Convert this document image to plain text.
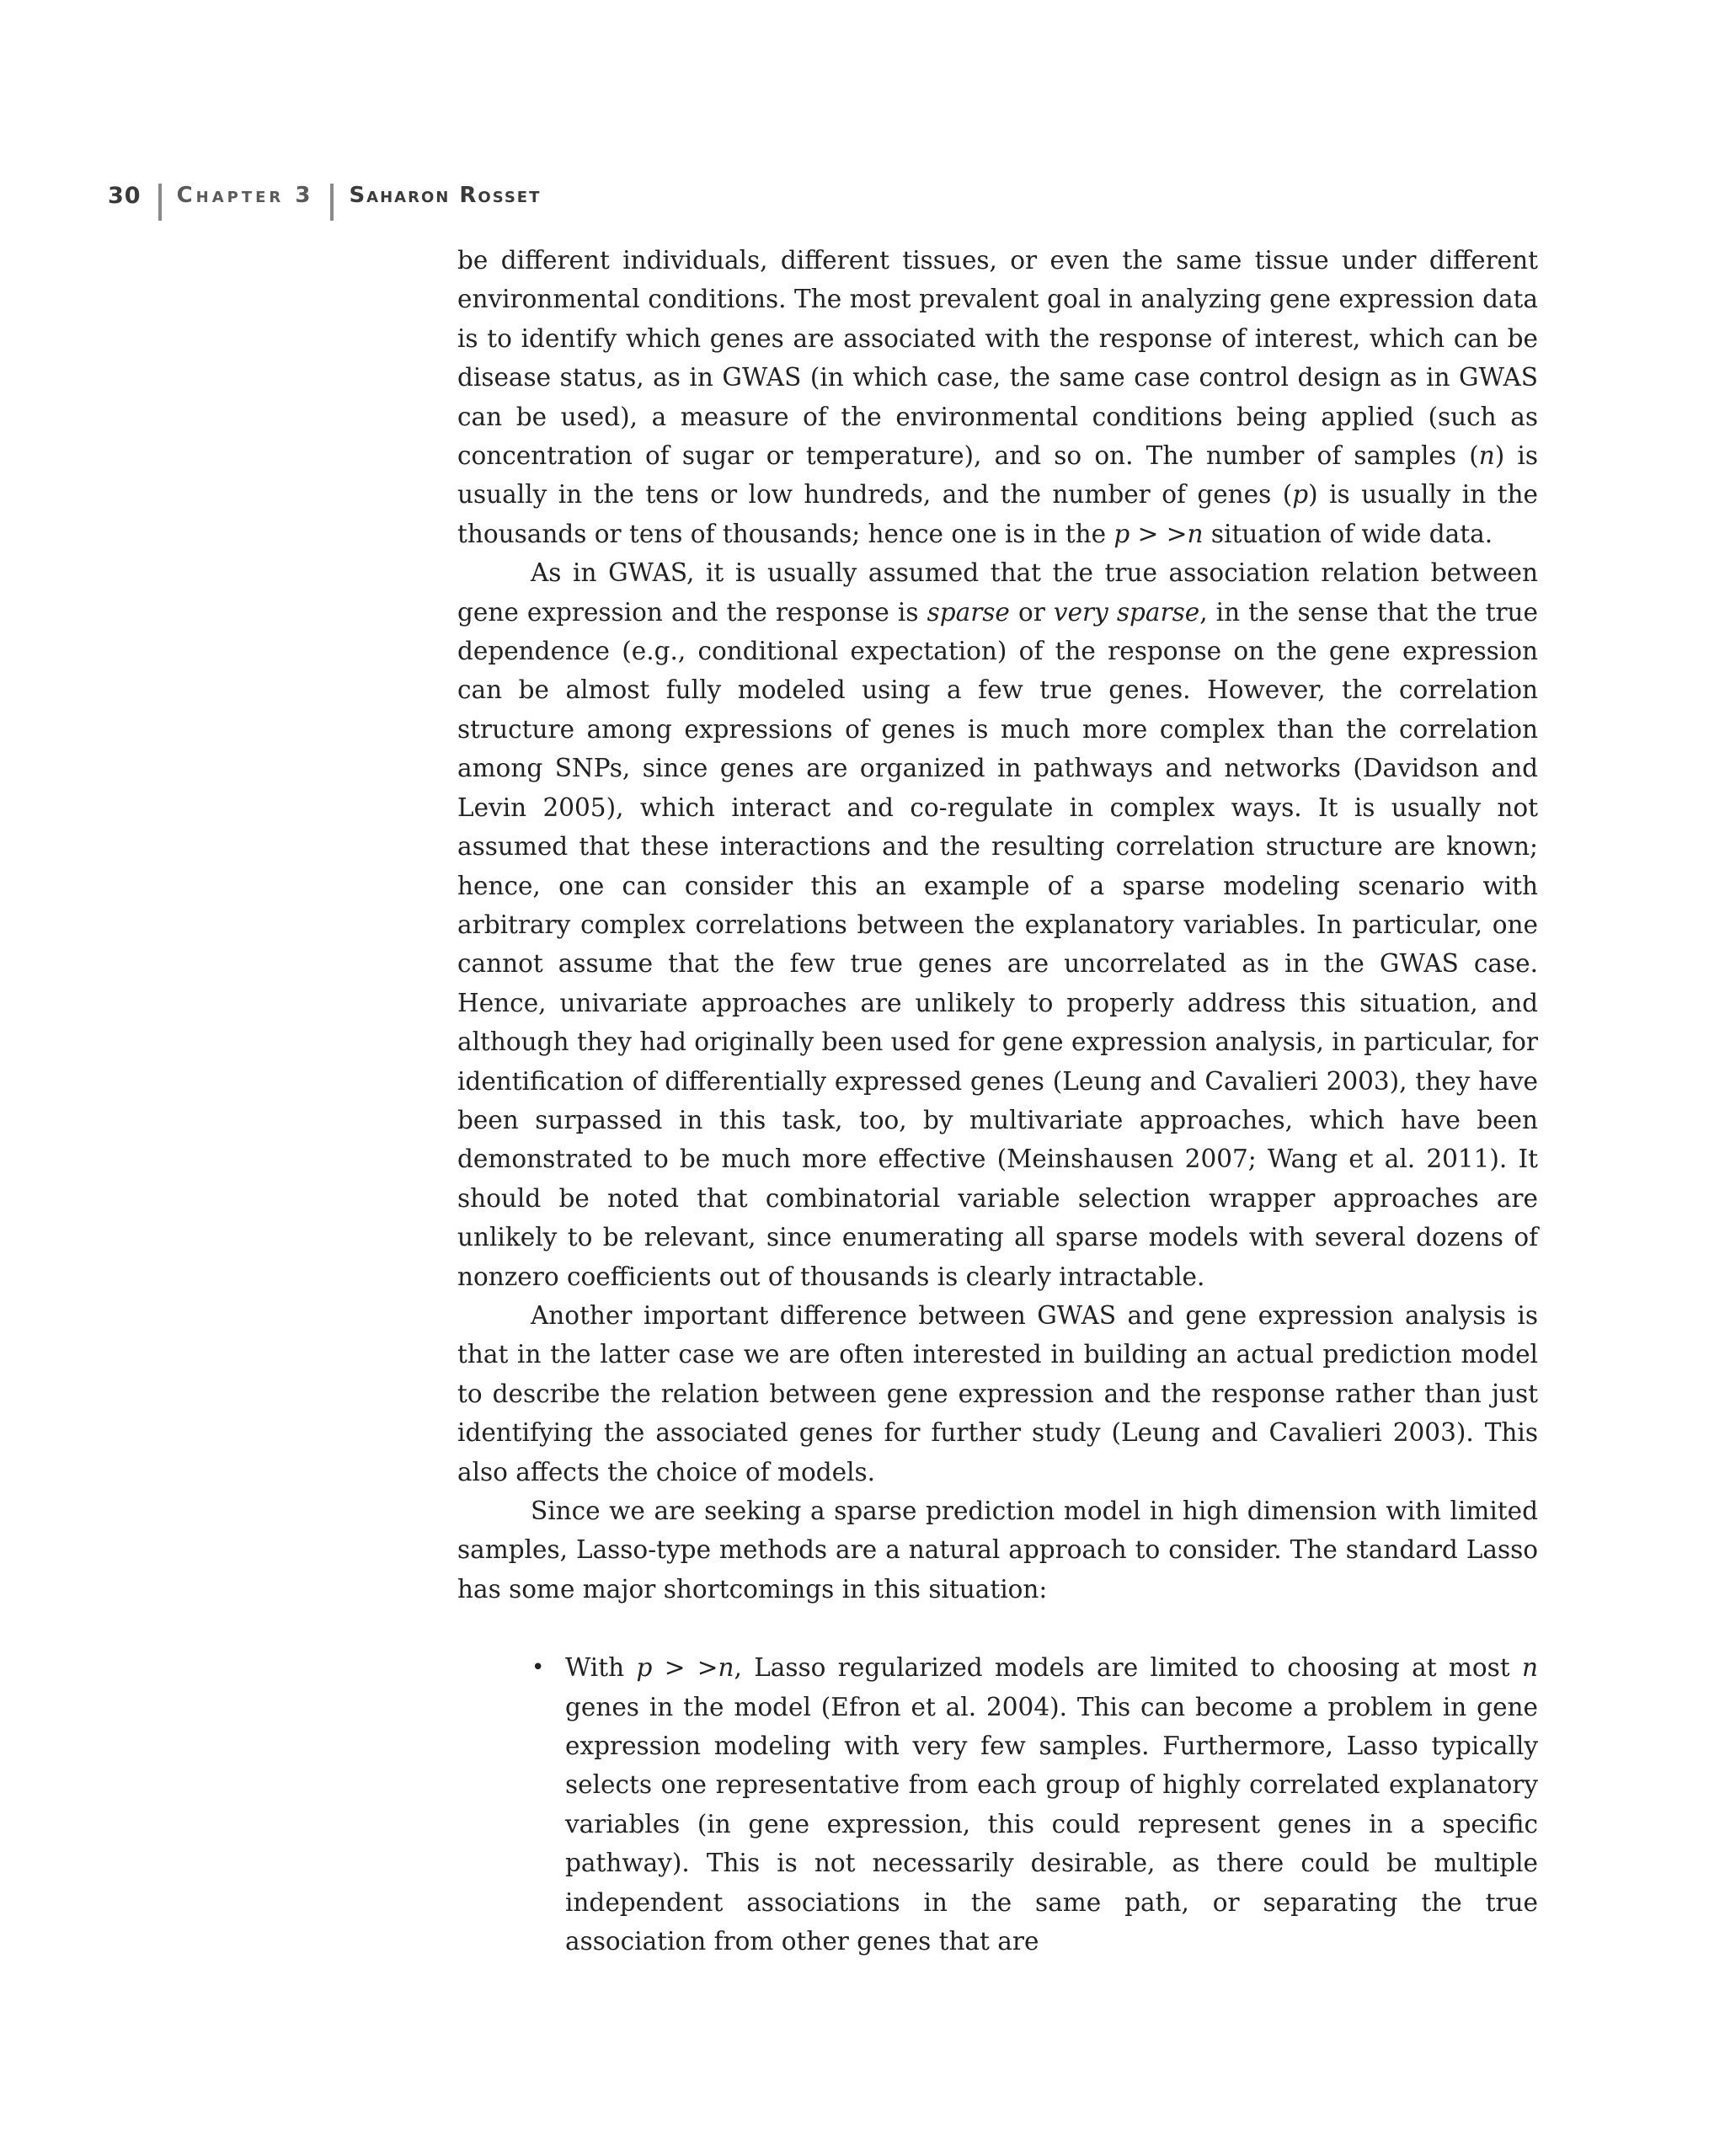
30 Chapter 3 Saharon Rosset

be different individuals, different tissues, or even the same tissue under different environmental conditions. The most prevalent goal in analyzing gene expression data is to identify which genes are associated with the response of interest, which can be disease status, as in GWAS (in which case, the same case control design as in GWAS can be used), a measure of the environmental conditions being applied (such as concentration of sugar or temperature), and so on. The number of samples (n) is usually in the tens or low hundreds, and the number of genes (p) is usually in the thousands or tens of thousands; hence one is in the p > >n situation of wide data.

As in GWAS, it is usually assumed that the true association relation between gene expression and the response is sparse or very sparse, in the sense that the true dependence (e.g., conditional expectation) of the response on the gene expression can be almost fully modeled using a few true genes. However, the correlation structure among expressions of genes is much more complex than the correlation among SNPs, since genes are organized in pathways and networks (Davidson and Levin 2005), which interact and co-regulate in complex ways. It is usually not assumed that these interactions and the resulting correlation structure are known; hence, one can consider this an example of a sparse modeling scenario with arbitrary complex correlations between the explanatory variables. In particular, one cannot assume that the few true genes are uncorrelated as in the GWAS case. Hence, univariate approaches are unlikely to properly address this situation, and although they had originally been used for gene expression analysis, in particular, for identification of differentially expressed genes (Leung and Cavalieri 2003), they have been surpassed in this task, too, by multivariate approaches, which have been demonstrated to be much more effective (Meinshausen 2007; Wang et al. 2011). It should be noted that combinatorial variable selection wrapper approaches are unlikely to be relevant, since enumerating all sparse models with several dozens of nonzero coefficients out of thousands is clearly intractable.

Another important difference between GWAS and gene expression analysis is that in the latter case we are often interested in building an actual prediction model to describe the relation between gene expression and the response rather than just identifying the associated genes for further study (Leung and Cavalieri 2003). This also affects the choice of models.

Since we are seeking a sparse prediction model in high dimension with limited samples, Lasso-type methods are a natural approach to consider. The standard Lasso has some major shortcomings in this situation:

• With p > >n, Lasso regularized models are limited to choosing at most n genes in the model (Efron et al. 2004). This can become a problem in gene expression modeling with very few samples. Furthermore, Lasso typically selects one representative from each group of highly correlated explanatory variables (in gene expression, this could represent genes in a specific pathway). This is not necessarily desirable, as there could be multiple independent associations in the same path, or separating the true association from other genes that are
